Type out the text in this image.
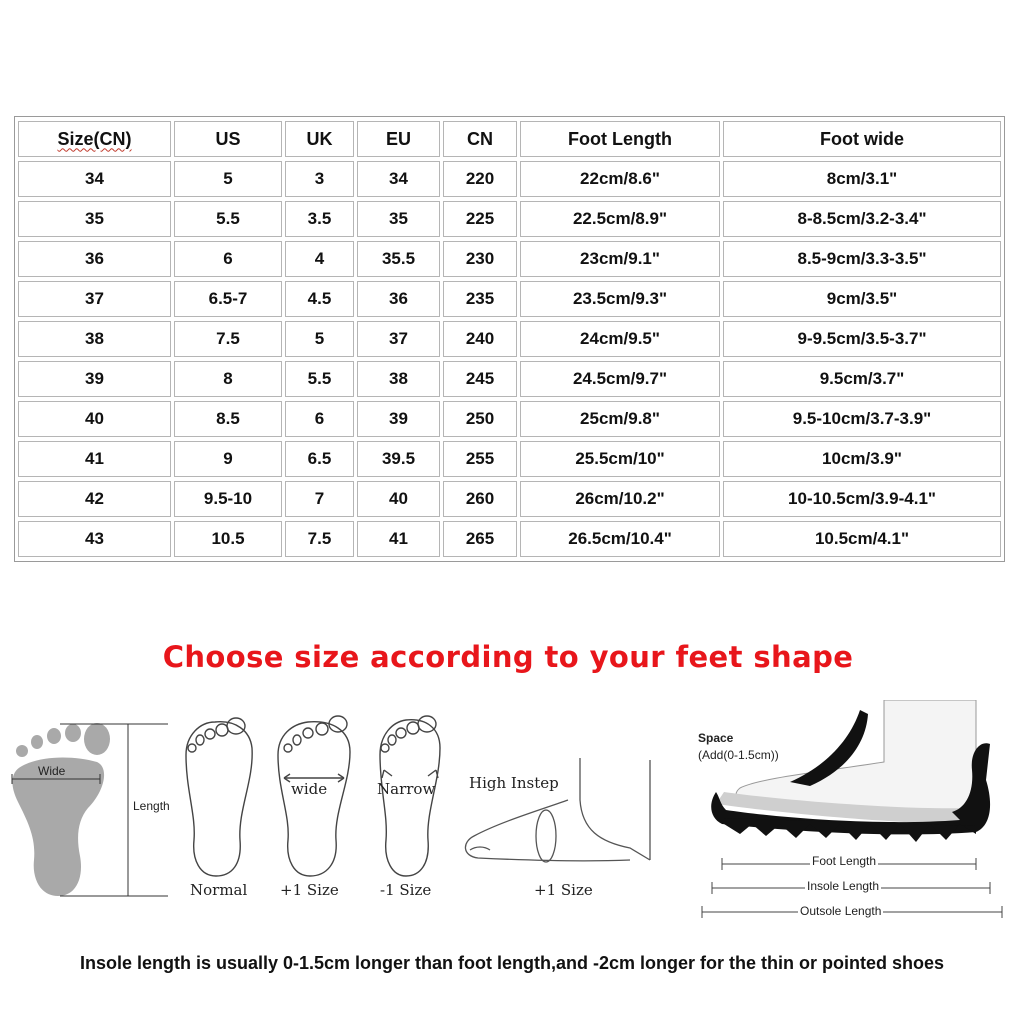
Size(CN)	US	UK	EU	CN	Foot Length	Foot wide
34	5	3	34	220	22cm/8.6"	8cm/3.1"
35	5.5	3.5	35	225	22.5cm/8.9"	8-8.5cm/3.2-3.4"
36	6	4	35.5	230	23cm/9.1"	8.5-9cm/3.3-3.5"
37	6.5-7	4.5	36	235	23.5cm/9.3"	9cm/3.5"
38	7.5	5	37	240	24cm/9.5"	9-9.5cm/3.5-3.7"
39	8	5.5	38	245	24.5cm/9.7"	9.5cm/3.7"
40	8.5	6	39	250	25cm/9.8"	9.5-10cm/3.7-3.9"
41	9	6.5	39.5	255	25.5cm/10"	10cm/3.9"
42	9.5-10	7	40	260	26cm/10.2"	10-10.5cm/3.9-4.1"
43	10.5	7.5	41	265	26.5cm/10.4"	10.5cm/4.1"
Choose size according to your feet shape
Wide
Length
Normal
wide
+1 Size
Narrow
-1 Size
High Instep
+1 Size
Space
(Add(0-1.5cm))
Foot Length
Insole Length
Outsole Length
Insole length is usually 0-1.5cm longer than foot length,and -2cm longer for the thin or pointed shoes
